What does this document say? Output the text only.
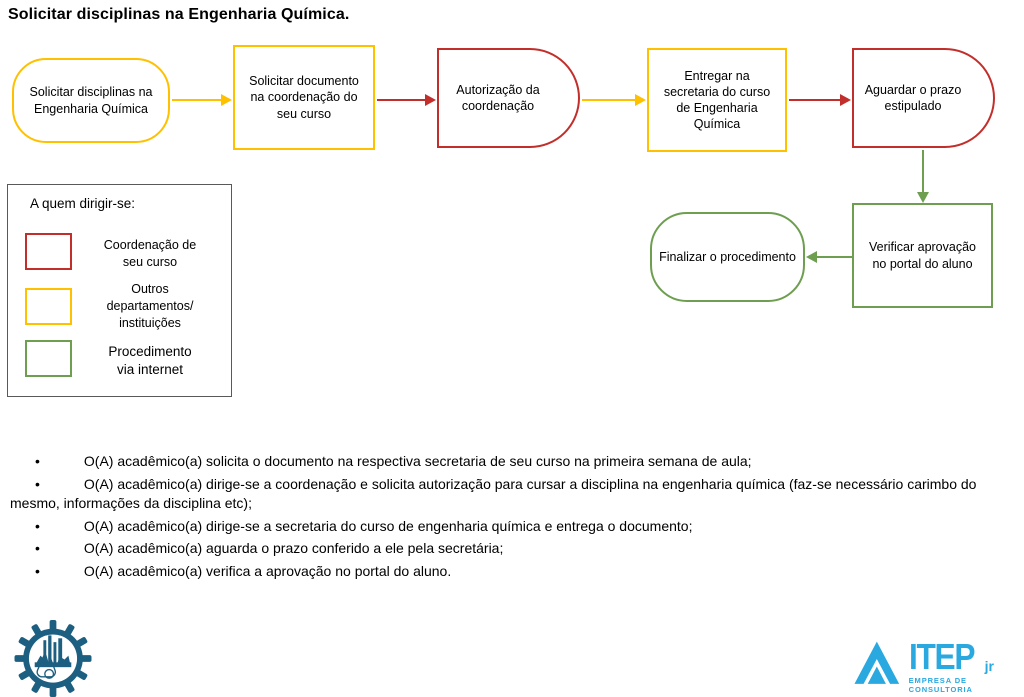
Solicitar disciplinas na Engenharia Química.
Solicitar disciplinas na Engenharia Química
Solicitar documento na coordenação do seu curso
Autorização da coordenação
Entregar na secretaria do curso de Engenharia Química
Aguardar o prazo estipulado
Verificar aprovação no portal do aluno
Finalizar o procedimento
A quem dirigir-se:
Coordenação de seu curso
Outros departamentos/ instituições
Procedimento via internet
•	O(A) acadêmico(a) solicita o documento na respectiva secretaria de seu curso na primeira semana de aula;
•	O(A) acadêmico(a) dirige-se a coordenação e solicita autorização para cursar a disciplina na engenharia química (faz-se necessário carimbo do mesmo, informações da disciplina etc);
•	O(A) acadêmico(a) dirige-se a secretaria do curso de engenharia química e entrega o documento;
•	O(A) acadêmico(a) aguarda o prazo conferido a ele pela secretária;
•	O(A) acadêmico(a) verifica a aprovação no portal do aluno.
ITEP jr
EMPRESA DE CONSULTORIA
